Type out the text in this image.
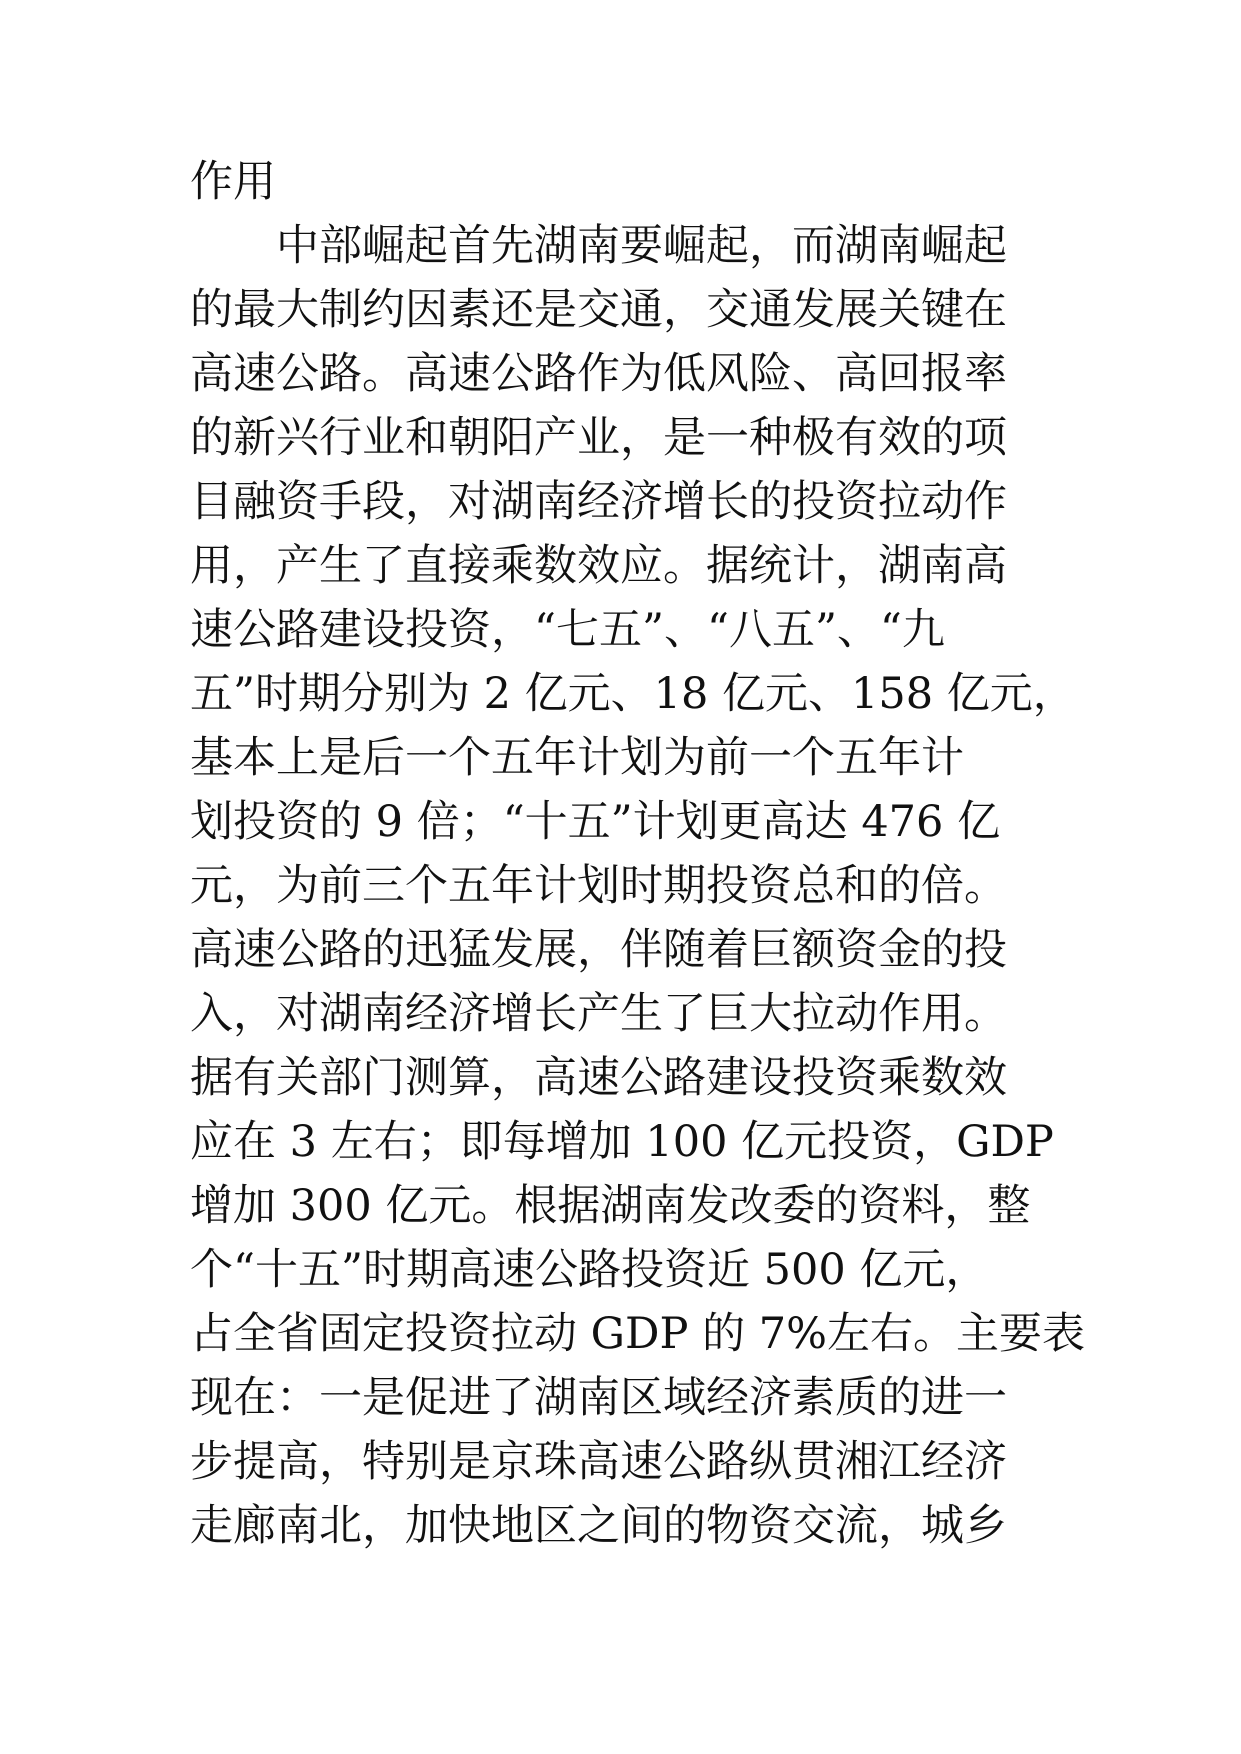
作用
中部崛起首先湖南要崛起，而湖南崛起
的最大制约因素还是交通，交通发展关键在
高速公路。高速公路作为低风险、高回报率
的新兴行业和朝阳产业，是一种极有效的项
目融资手段，对湖南经济增长的投资拉动作
用，产生了直接乘数效应。据统计，湖南高
速公路建设投资，“七五”、“八五”、“九
五”时期分别为 2 亿元、18 亿元、158 亿元，
基本上是后一个五年计划为前一个五年计
划投资的 9 倍；“十五”计划更高达 476 亿
元，为前三个五年计划时期投资总和的倍。
高速公路的迅猛发展，伴随着巨额资金的投
入，对湖南经济增长产生了巨大拉动作用。
据有关部门测算，高速公路建设投资乘数效
应在 3 左右；即每增加 100 亿元投资，GDP
增加 300 亿元。根据湖南发改委的资料，整
个“十五”时期高速公路投资近 500 亿元，
占全省固定投资拉动 GDP 的 7%左右。主要表
现在：一是促进了湖南区域经济素质的进一
步提高，特别是京珠高速公路纵贯湘江经济
走廊南北，加快地区之间的物资交流，城乡
